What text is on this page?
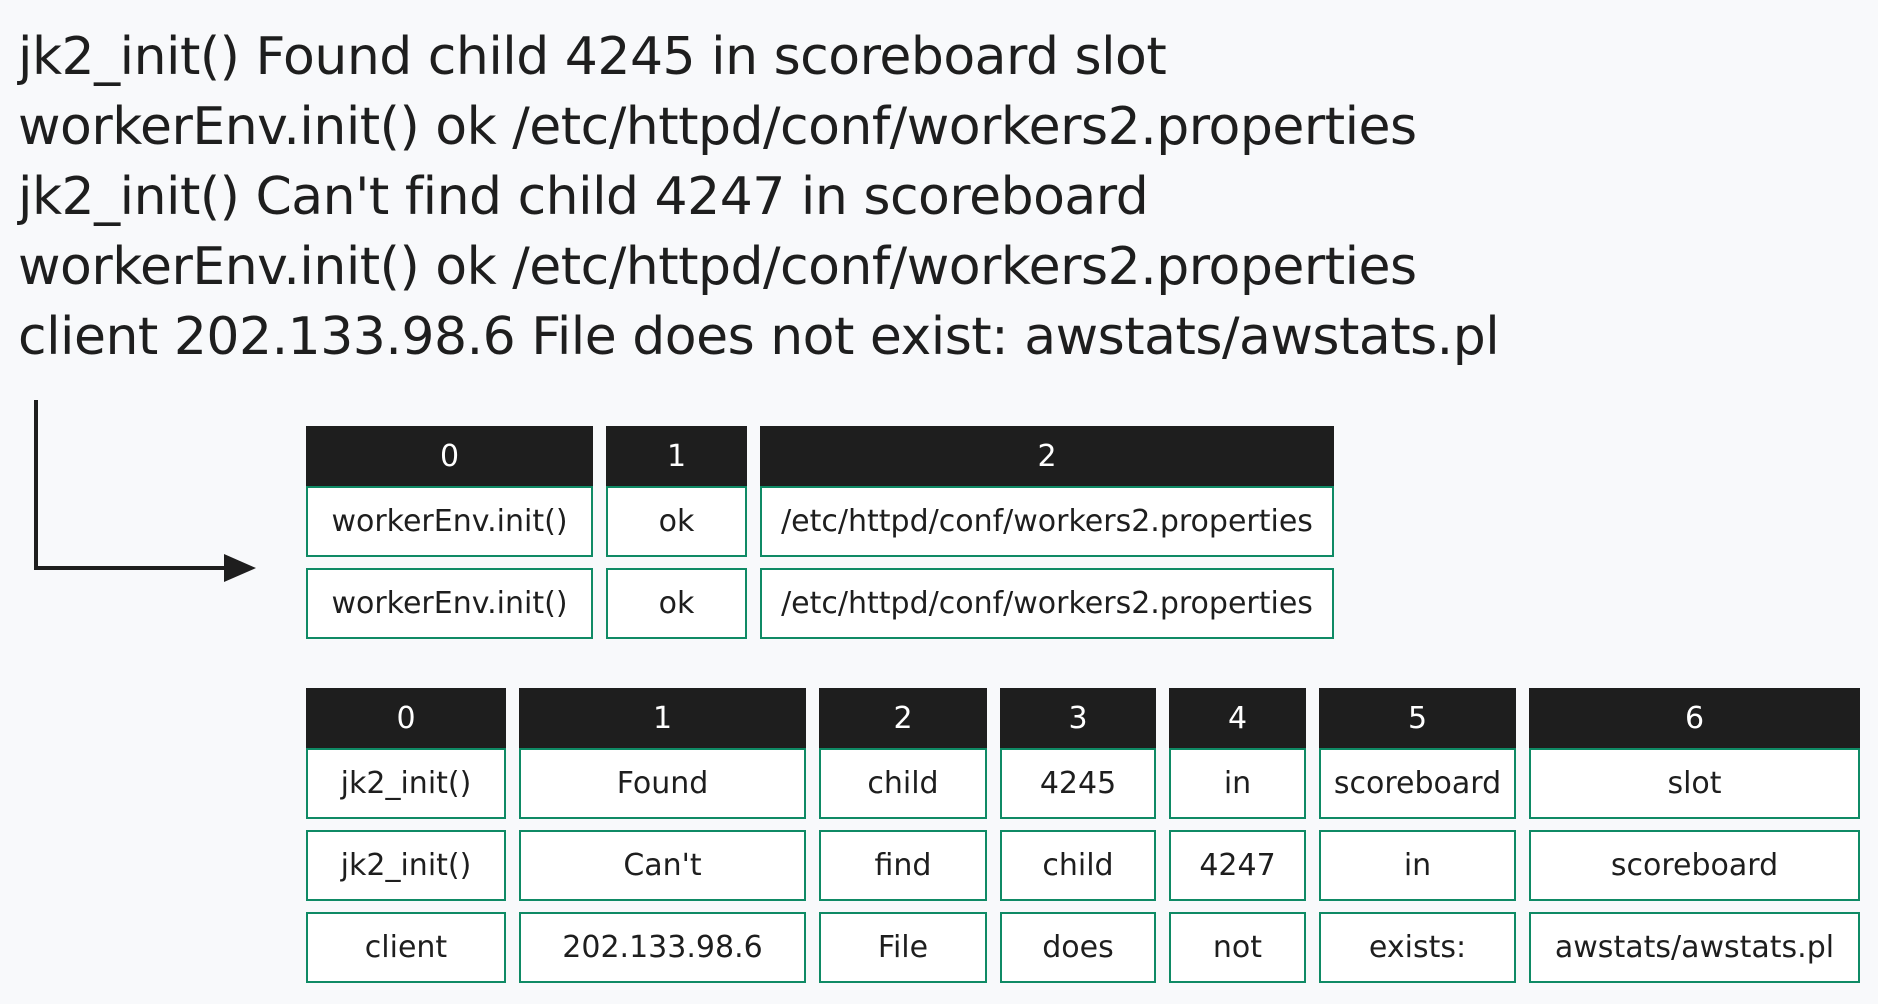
jk2_init() Found child 4245 in scoreboard slot
workerEnv.init() ok /etc/httpd/conf/workers2.properties
jk2_init() Can't find child 4247 in scoreboard
workerEnv.init() ok /etc/httpd/conf/workers2.properties
client 202.133.98.6 File does not exist: awstats/awstats.pl
0	1	2
workerEnv.init()	ok	/etc/httpd/conf/workers2.properties
workerEnv.init()	ok	/etc/httpd/conf/workers2.properties
0	1	2	3	4	5	6
jk2_init()	Found	child	4245	in	scoreboard	slot
jk2_init()	Can't	find	child	4247	in	scoreboard
client	202.133.98.6	File	does	not	exists:	awstats/awstats.pl
